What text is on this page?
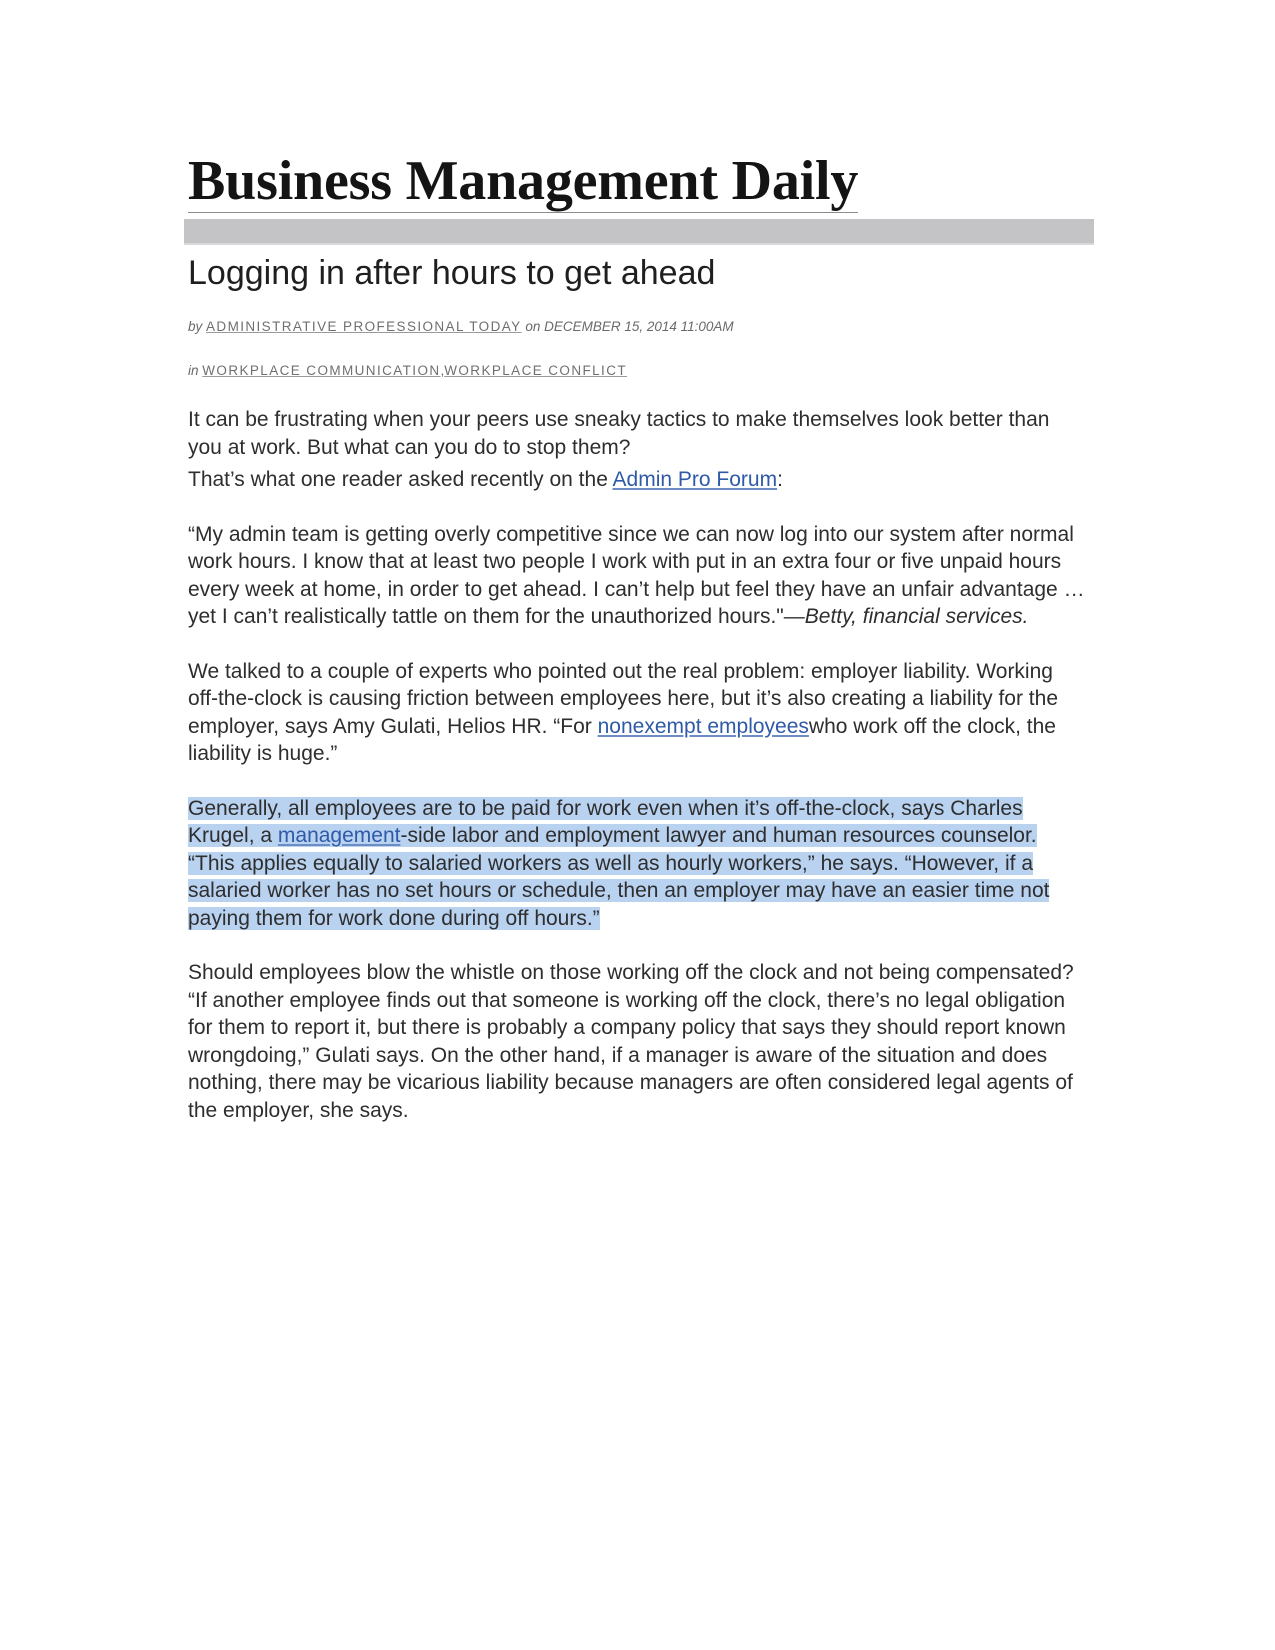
Business Management Daily
Logging in after hours to get ahead
by ADMINISTRATIVE PROFESSIONAL TODAY on DECEMBER 15, 2014 11:00AM
in WORKPLACE COMMUNICATION,WORKPLACE CONFLICT

It can be frustrating when your peers use sneaky tactics to make themselves look better than you at work. But what can you do to stop them?

That’s what one reader asked recently on the Admin Pro Forum:

“My admin team is getting overly competitive since we can now log into our system after normal work hours. I know that at least two people I work with put in an extra four or five unpaid hours every week at home, in order to get ahead. I can’t help but feel they have an unfair advantage … yet I can’t realistically tattle on them for the unauthorized hours."—Betty, financial services.

We talked to a couple of experts who pointed out the real problem: employer liability. Working off-the-clock is causing friction between employees here, but it’s also creating a liability for the employer, says Amy Gulati, Helios HR. “For nonexempt employeeswho work off the clock, the liability is huge.”

Generally, all employees are to be paid for work even when it’s off-the-clock, says Charles Krugel, a management-side labor and employment lawyer and human resources counselor. “This applies equally to salaried workers as well as hourly workers,” he says. “However, if a salaried worker has no set hours or schedule, then an employer may have an easier time not paying them for work done during off hours.”

Should employees blow the whistle on those working off the clock and not being compensated? “If another employee finds out that someone is working off the clock, there’s no legal obligation for them to report it, but there is probably a company policy that says they should report known wrongdoing,” Gulati says. On the other hand, if a manager is aware of the situation and does nothing, there may be vicarious liability because managers are often considered legal agents of the employer, she says.
